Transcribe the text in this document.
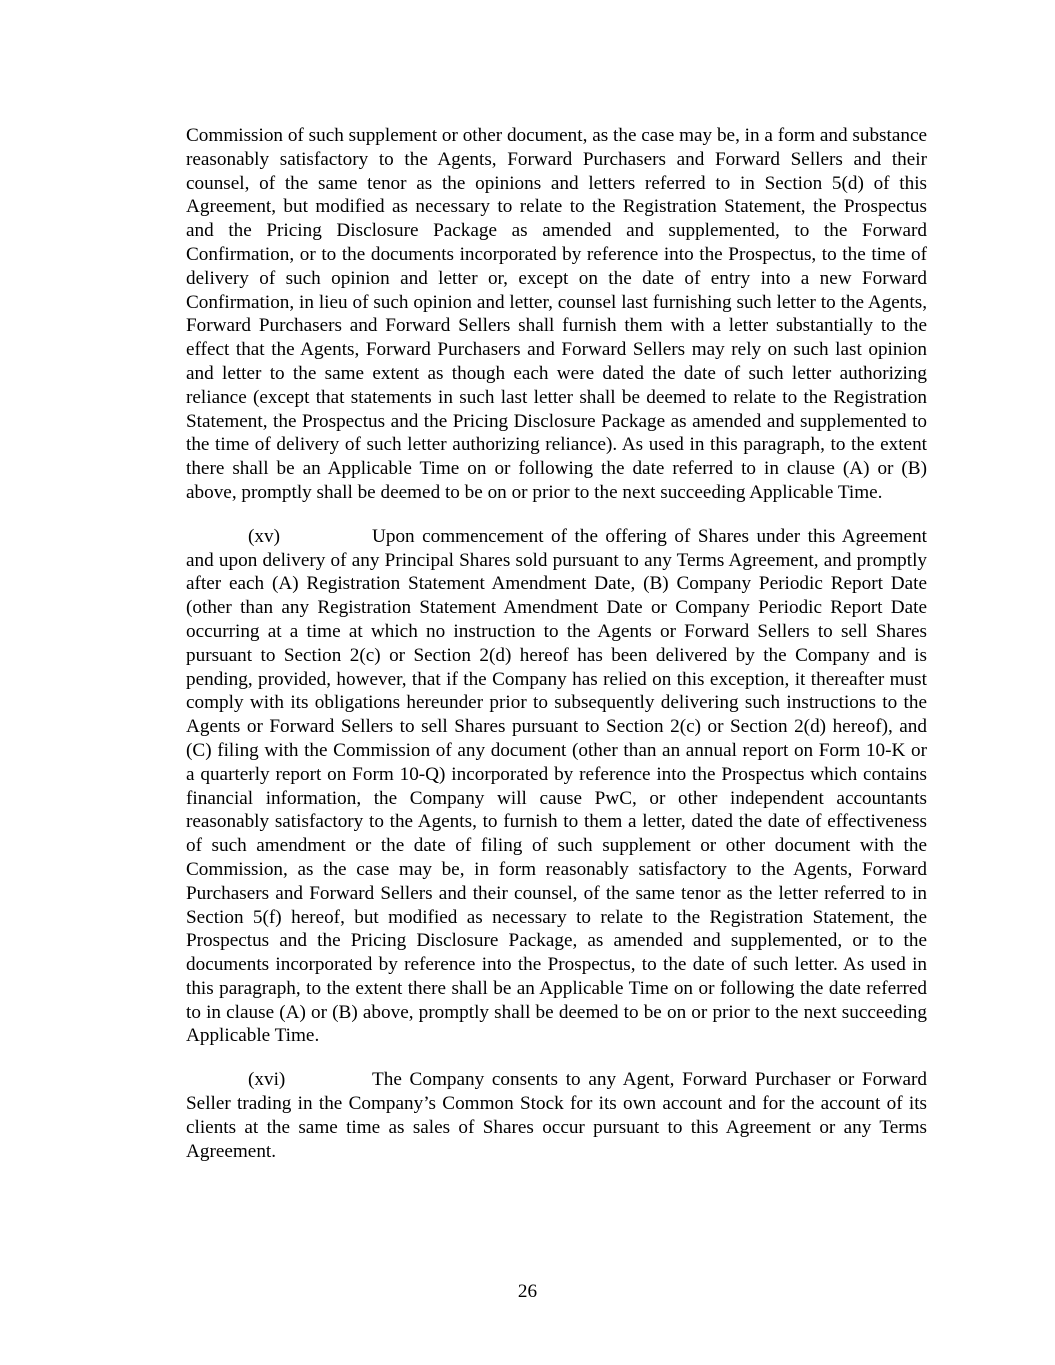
Commission of such supplement or other document, as the case may be, in a form and substance reasonably satisfactory to the Agents, Forward Purchasers and Forward Sellers and their counsel, of the same tenor as the opinions and letters referred to in Section 5(d) of this Agreement, but modified as necessary to relate to the Registration Statement, the Prospectus and the Pricing Disclosure Package as amended and supplemented, to the Forward Confirmation, or to the documents incorporated by reference into the Prospectus, to the time of delivery of such opinion and letter or, except on the date of entry into a new Forward Confirmation, in lieu of such opinion and letter, counsel last furnishing such letter to the Agents, Forward Purchasers and Forward Sellers shall furnish them with a letter substantially to the effect that the Agents, Forward Purchasers and Forward Sellers may rely on such last opinion and letter to the same extent as though each were dated the date of such letter authorizing reliance (except that statements in such last letter shall be deemed to relate to the Registration Statement, the Prospectus and the Pricing Disclosure Package as amended and supplemented to the time of delivery of such letter authorizing reliance). As used in this paragraph, to the extent there shall be an Applicable Time on or following the date referred to in clause (A) or (B) above, promptly shall be deemed to be on or prior to the next succeeding Applicable Time.

(xv)	Upon commencement of the offering of Shares under this Agreement and upon delivery of any Principal Shares sold pursuant to any Terms Agreement, and promptly after each (A) Registration Statement Amendment Date, (B) Company Periodic Report Date (other than any Registration Statement Amendment Date or Company Periodic Report Date occurring at a time at which no instruction to the Agents or Forward Sellers to sell Shares pursuant to Section 2(c) or Section 2(d) hereof has been delivered by the Company and is pending, provided, however, that if the Company has relied on this exception, it thereafter must comply with its obligations hereunder prior to subsequently delivering such instructions to the Agents or Forward Sellers to sell Shares pursuant to Section 2(c) or Section 2(d) hereof), and (C) filing with the Commission of any document (other than an annual report on Form 10-K or a quarterly report on Form 10-Q) incorporated by reference into the Prospectus which contains financial information, the Company will cause PwC, or other independent accountants reasonably satisfactory to the Agents, to furnish to them a letter, dated the date of effectiveness of such amendment or the date of filing of such supplement or other document with the Commission, as the case may be, in form reasonably satisfactory to the Agents, Forward Purchasers and Forward Sellers and their counsel, of the same tenor as the letter referred to in Section 5(f) hereof, but modified as necessary to relate to the Registration Statement, the Prospectus and the Pricing Disclosure Package, as amended and supplemented, or to the documents incorporated by reference into the Prospectus, to the date of such letter. As used in this paragraph, to the extent there shall be an Applicable Time on or following the date referred to in clause (A) or (B) above, promptly shall be deemed to be on or prior to the next succeeding Applicable Time.

(xvi)	The Company consents to any Agent, Forward Purchaser or Forward Seller trading in the Company’s Common Stock for its own account and for the account of its clients at the same time as sales of Shares occur pursuant to this Agreement or any Terms Agreement.

26
